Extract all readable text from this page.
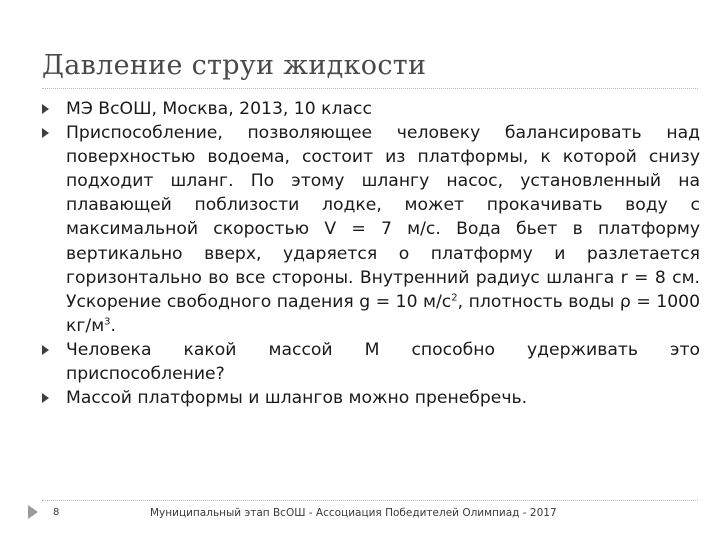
Давление струи жидкости

МЭ ВсОШ, Москва, 2013, 10 класс

Приспособление, позволяющее человеку балансировать над поверхностью водоема, состоит из платформы, к которой снизу подходит шланг. По этому шлангу насос, установленный на плавающей поблизости лодке, может прокачивать воду с максимальной скоростью V = 7 м/с. Вода бьет в платформу вертикально вверх, ударяется о платформу и разлетается горизонтально во все стороны. Внутренний радиус шланга r = 8 см. Ускорение свободного падения g = 10 $м/с^2$, плотность воды ρ = 1000 $кг/м^3$.

Человека какой массой М способно удерживать это приспособление?

Массой платформы и шлангов можно пренебречь.

8	Муниципальный этап ВсОШ - Ассоциация Победителей Олимпиад - 2017
